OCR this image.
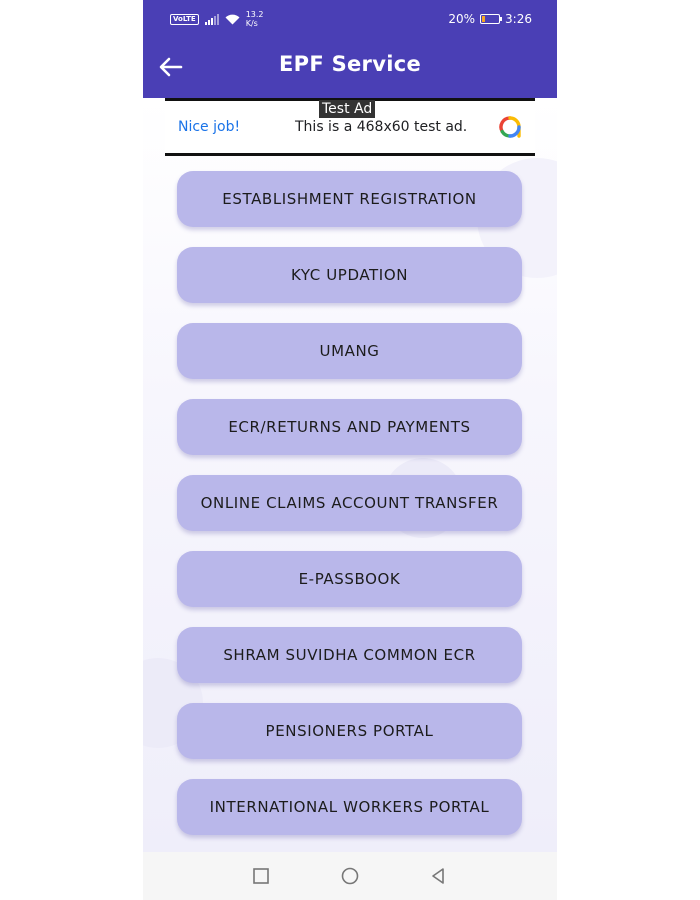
VoLTE	13.2
K/s	20%	3:26
EPF Service
Test Ad
Nice job!	This is a 468x60 test ad.
ESTABLISHMENT REGISTRATION
KYC UPDATION
UMANG
ECR/RETURNS AND PAYMENTS
ONLINE CLAIMS ACCOUNT TRANSFER
E-PASSBOOK
SHRAM SUVIDHA COMMON ECR
PENSIONERS PORTAL
INTERNATIONAL WORKERS PORTAL
